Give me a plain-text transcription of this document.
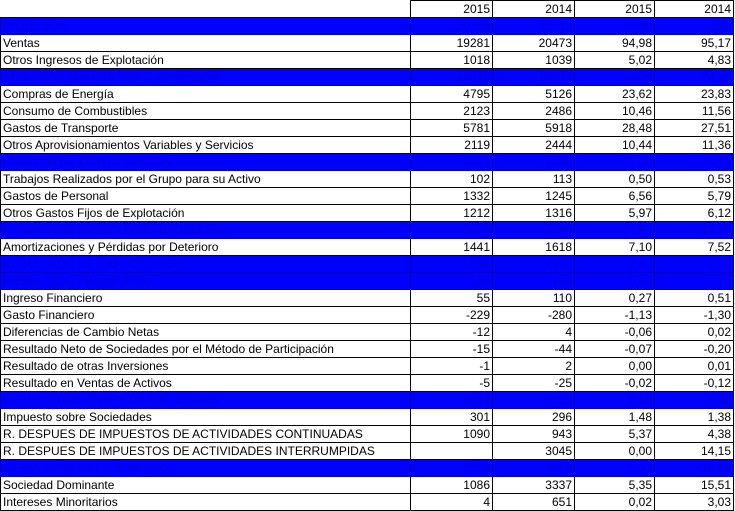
	2015	2014	2015	2014
INGRESOS	20299	21512	100	100
Ventas	19281	20473	94,98	95,17
Otros Ingresos de Explotación	1018	1039	5,02	4,83
APROVISIONAMIENTOS Y SERVICIOS	14818	15974	73,00	74,26
Compras de Energía	4795	5126	23,62	23,83
Consumo de Combustibles	2123	2486	10,46	11,56
Gastos de Transporte	5781	5918	28,48	27,51
Otros Aprovisionamientos Variables y Servicios	2119	2444	10,44	11,36
MARGEN DE CONTRIBUCION	5481	5538	27,00	25,74
Trabajos Realizados por el Grupo para su Activo	102	113	0,50	0,53
Gastos de Personal	1332	1245	6,56	5,79
Otros Gastos Fijos de Explotación	1212	1316	5,97	6,12
RESULTADO BRUTO DE EXPLOTACION	3039	3090	14,97	14,36
Amortizaciones y Pérdidas por Deterioro	1441	1618	7,10	7,52
RESULTADO DE EXPLOTACION	1598	1472	7,87	6,84
RESULTADO FINANCIERO	-186	-166	-0,92	-0,77
Ingreso Financiero	55	110	0,27	0,51
Gasto Financiero	-229	-280	-1,13	-1,30
Diferencias de Cambio Netas	-12	4	-0,06	0,02
Resultado Neto de Sociedades por el Método de Participación	-15	-44	-0,07	-0,20
Resultado de otras Inversiones	-1	2	0,00	0,01
Resultado en Ventas de Activos	-5	-25	-0,02	-0,12
RESULTADOS ANTES DE IMPUESTOS	1391	1239	6,85	5,76
Impuesto sobre Sociedades	301	296	1,48	1,38
R. DESPUES DE IMPUESTOS DE ACTIVIDADES CONTINUADAS	1090	943	5,37	4,38
R. DESPUES DE IMPUESTOS DE ACTIVIDADES INTERRUMPIDAS		3045	0,00	14,15
RESULTADO DEL EJERCICIO	1090	3988	5,37	18,54
Sociedad Dominante	1086	3337	5,35	15,51
Intereses Minoritarios	4	651	0,02	3,03
